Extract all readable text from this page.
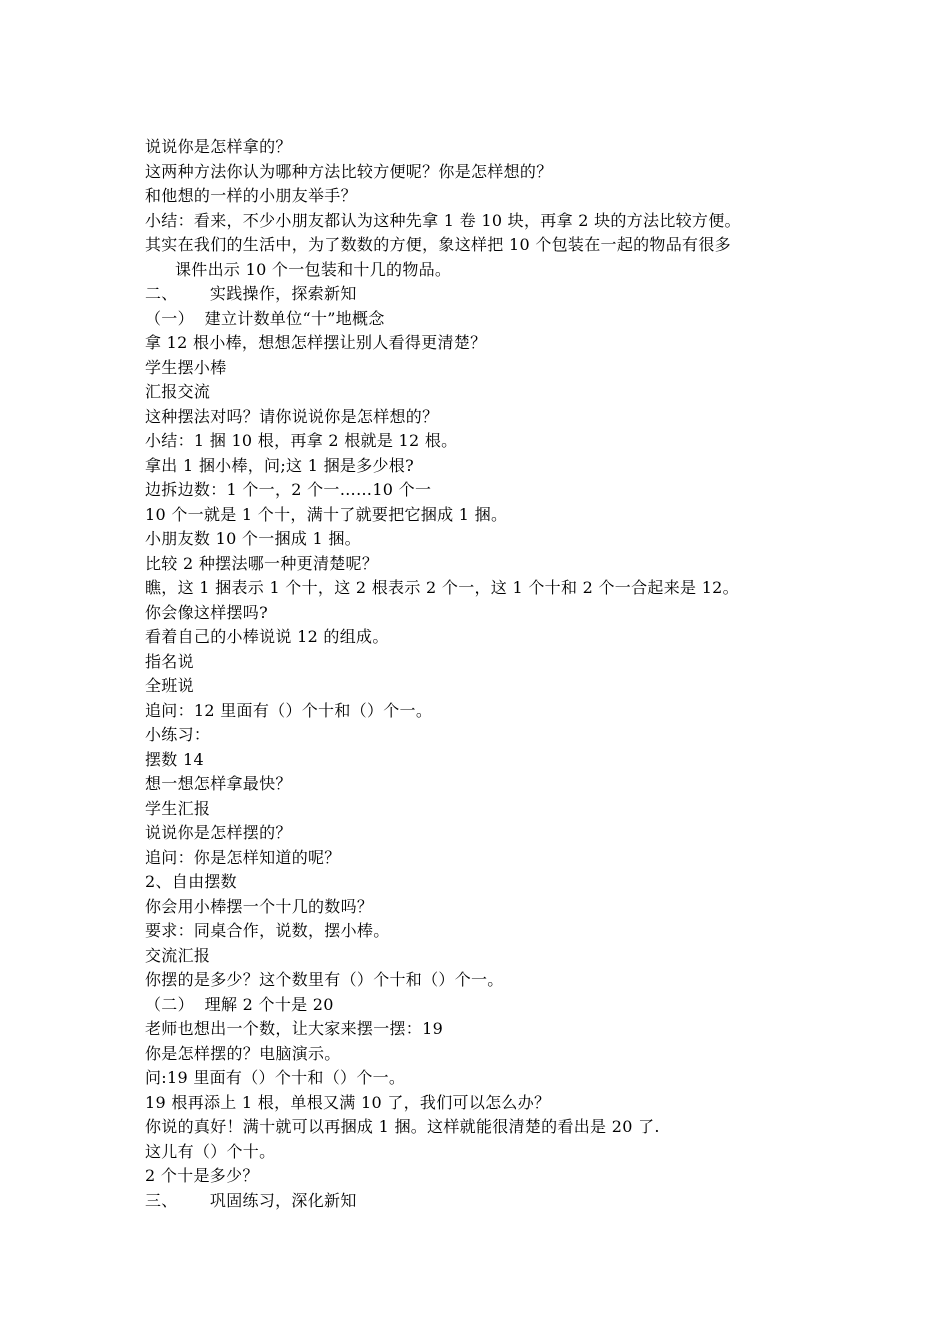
说说你是怎样拿的？
这两种方法你认为哪种方法比较方便呢？你是怎样想的？
和他想的一样的小朋友举手？
小结：看来，不少小朋友都认为这种先拿 1 卷 10 块，再拿 2 块的方法比较方便。
其实在我们的生活中，为了数数的方便，象这样把 10 个包装在一起的物品有很多
课件出示 10 个一包装和十几的物品。
二、      实践操作，探索新知
（一）  建立计数单位“十”地概念
拿 12 根小棒，想想怎样摆让别人看得更清楚？
学生摆小棒
汇报交流
这种摆法对吗？请你说说你是怎样想的？
小结：1 捆 10 根，再拿 2 根就是 12 根。
拿出 1 捆小棒，问;这 1 捆是多少根?
边拆边数：1 个一，2 个一……10 个一
10 个一就是 1 个十，满十了就要把它捆成 1 捆。
小朋友数 10 个一捆成 1 捆。
比较 2 种摆法哪一种更清楚呢？
瞧，这 1 捆表示 1 个十，这 2 根表示 2 个一，这 1 个十和 2 个一合起来是 12。
你会像这样摆吗?
看着自己的小棒说说 12 的组成。
指名说
全班说
追问：12 里面有（）个十和（）个一。
小练习：
摆数 14
想一想怎样拿最快？
学生汇报
说说你是怎样摆的？
追问：你是怎样知道的呢？
2、自由摆数
你会用小棒摆一个十几的数吗？
要求：同桌合作，说数，摆小棒。
交流汇报
你摆的是多少？这个数里有（）个十和（）个一。
（二）  理解 2 个十是 20
老师也想出一个数，让大家来摆一摆：19
你是怎样摆的？电脑演示。
问:19 里面有（）个十和（）个一。
19 根再添上 1 根，单根又满 10 了，我们可以怎么办？
你说的真好！满十就可以再捆成 1 捆。这样就能很清楚的看出是 20 了.
这儿有（）个十。
2 个十是多少？
三、      巩固练习，深化新知
